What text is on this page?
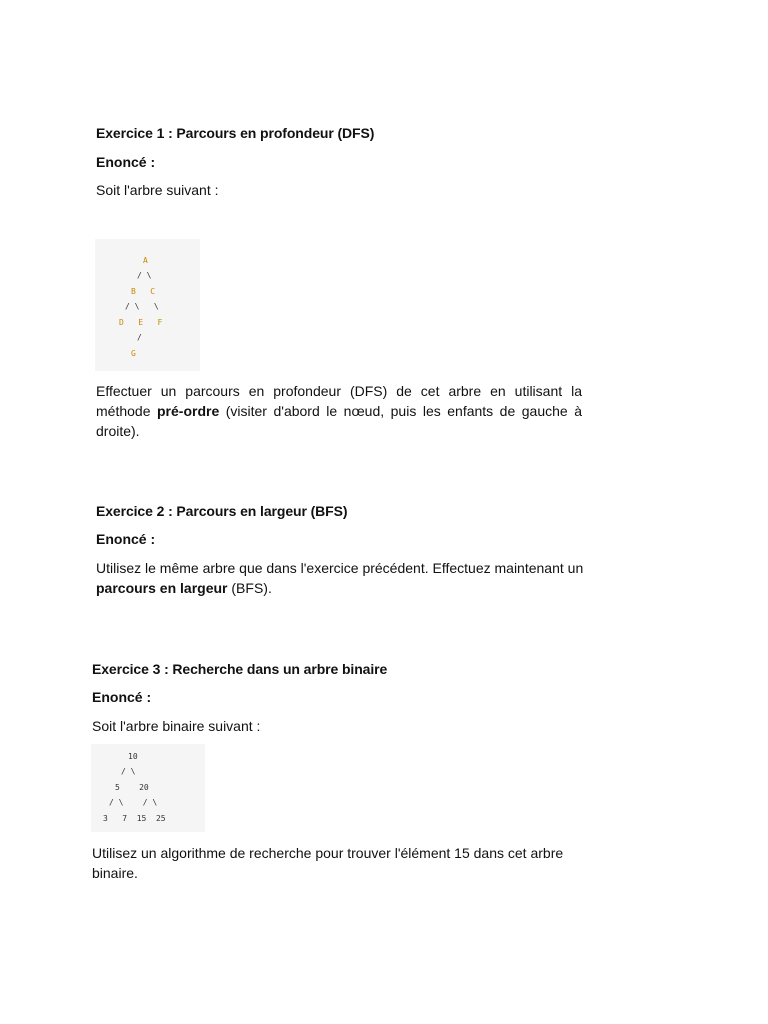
Exercice 1 : Parcours en profondeur (DFS)

Enoncé :

Soit l'arbre suivant :

A
/ \
B   C
/ \   \
D   E   F
/
G

Effectuer un parcours en profondeur (DFS) de cet arbre en utilisant la méthode pré-ordre (visiter d'abord le nœud, puis les enfants de gauche à droite).

Exercice 2 : Parcours en largeur (BFS)

Enoncé :

Utilisez le même arbre que dans l'exercice précédent. Effectuez maintenant un parcours en largeur (BFS).

Exercice 3 : Recherche dans un arbre binaire

Enoncé :

Soit l'arbre binaire suivant :

10
/ \
5    20
/ \    / \
3   7  15  25

Utilisez un algorithme de recherche pour trouver l'élément 15 dans cet arbre binaire.
